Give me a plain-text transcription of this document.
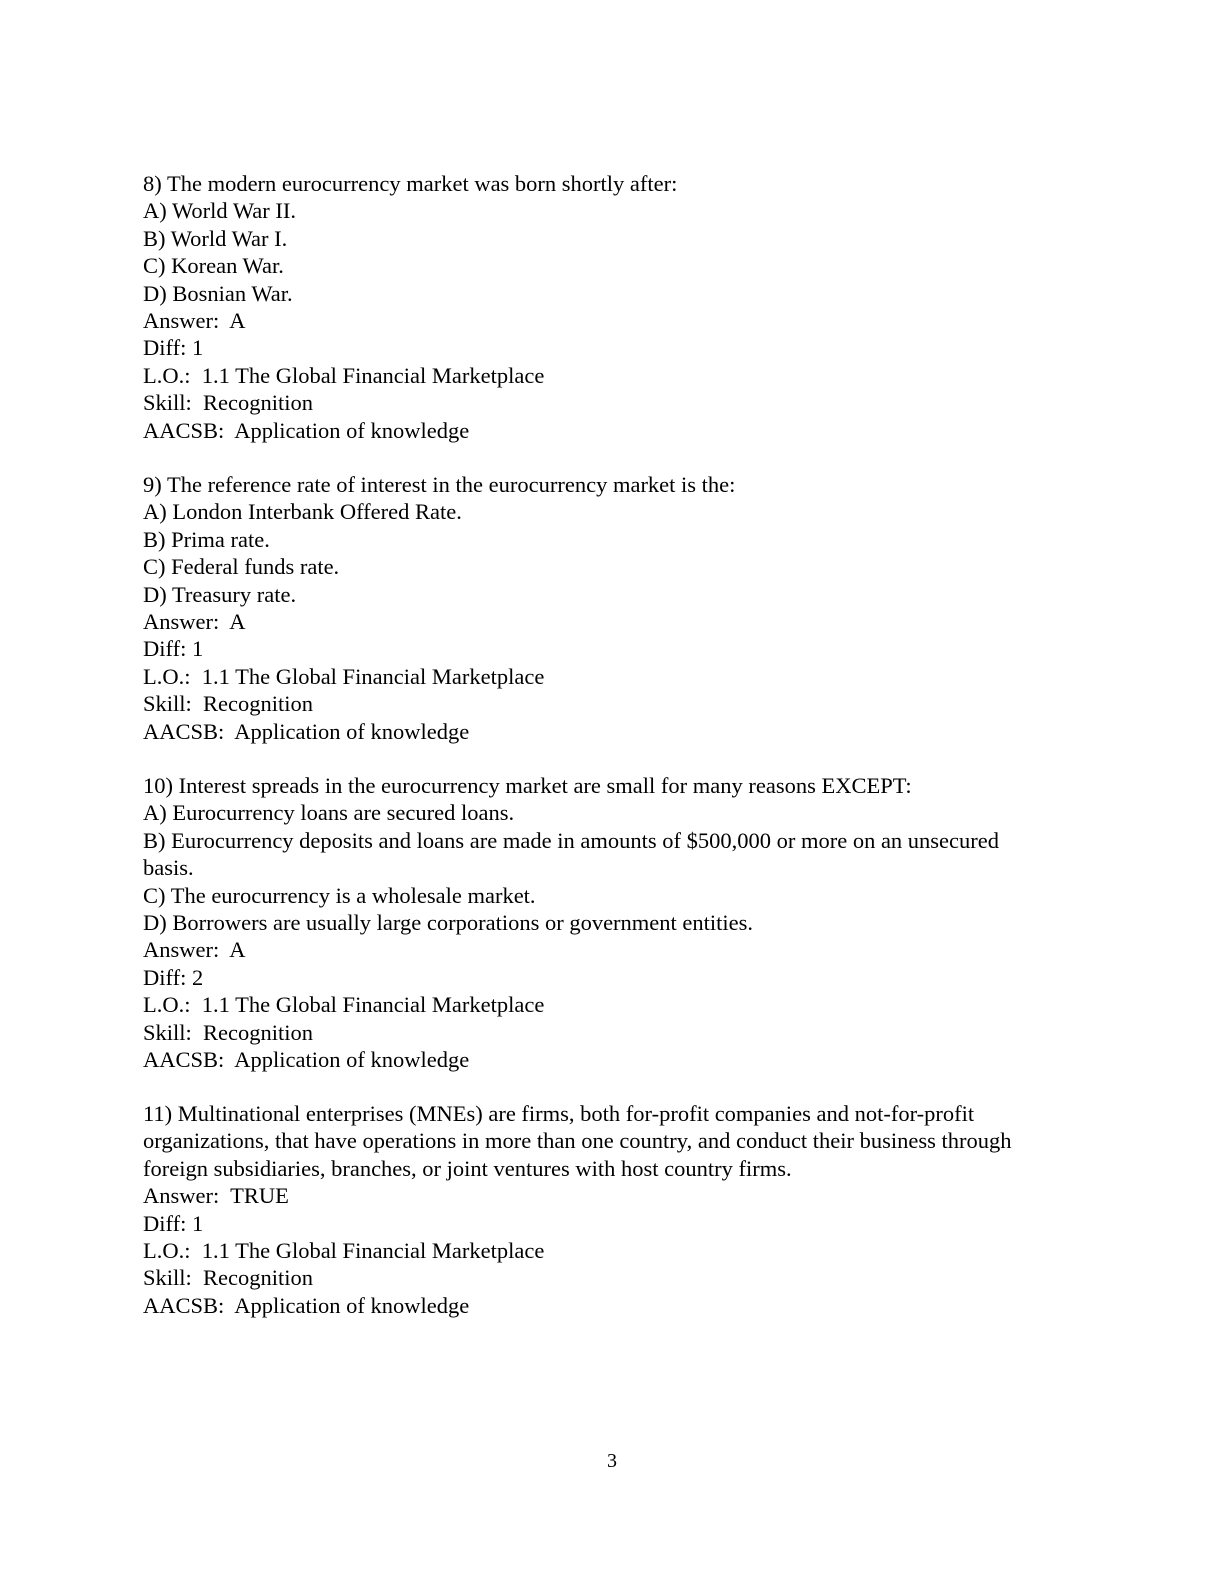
8) The modern eurocurrency market was born shortly after:
A) World War II.
B) World War I.
C) Korean War.
D) Bosnian War.
Answer:  A
Diff: 1
L.O.:  1.1 The Global Financial Marketplace
Skill:  Recognition
AACSB:  Application of knowledge
9) The reference rate of interest in the eurocurrency market is the:
A) London Interbank Offered Rate.
B) Prima rate.
C) Federal funds rate.
D) Treasury rate.
Answer:  A
Diff: 1
L.O.:  1.1 The Global Financial Marketplace
Skill:  Recognition
AACSB:  Application of knowledge
10) Interest spreads in the eurocurrency market are small for many reasons EXCEPT:
A) Eurocurrency loans are secured loans.
B) Eurocurrency deposits and loans are made in amounts of $500,000 or more on an unsecured
basis.
C) The eurocurrency is a wholesale market.
D) Borrowers are usually large corporations or government entities.
Answer:  A
Diff: 2
L.O.:  1.1 The Global Financial Marketplace
Skill:  Recognition
AACSB:  Application of knowledge
11) Multinational enterprises (MNEs) are firms, both for-profit companies and not-for-profit
organizations, that have operations in more than one country, and conduct their business through
foreign subsidiaries, branches, or joint ventures with host country firms.
Answer:  TRUE
Diff: 1
L.O.:  1.1 The Global Financial Marketplace
Skill:  Recognition
AACSB:  Application of knowledge
3
